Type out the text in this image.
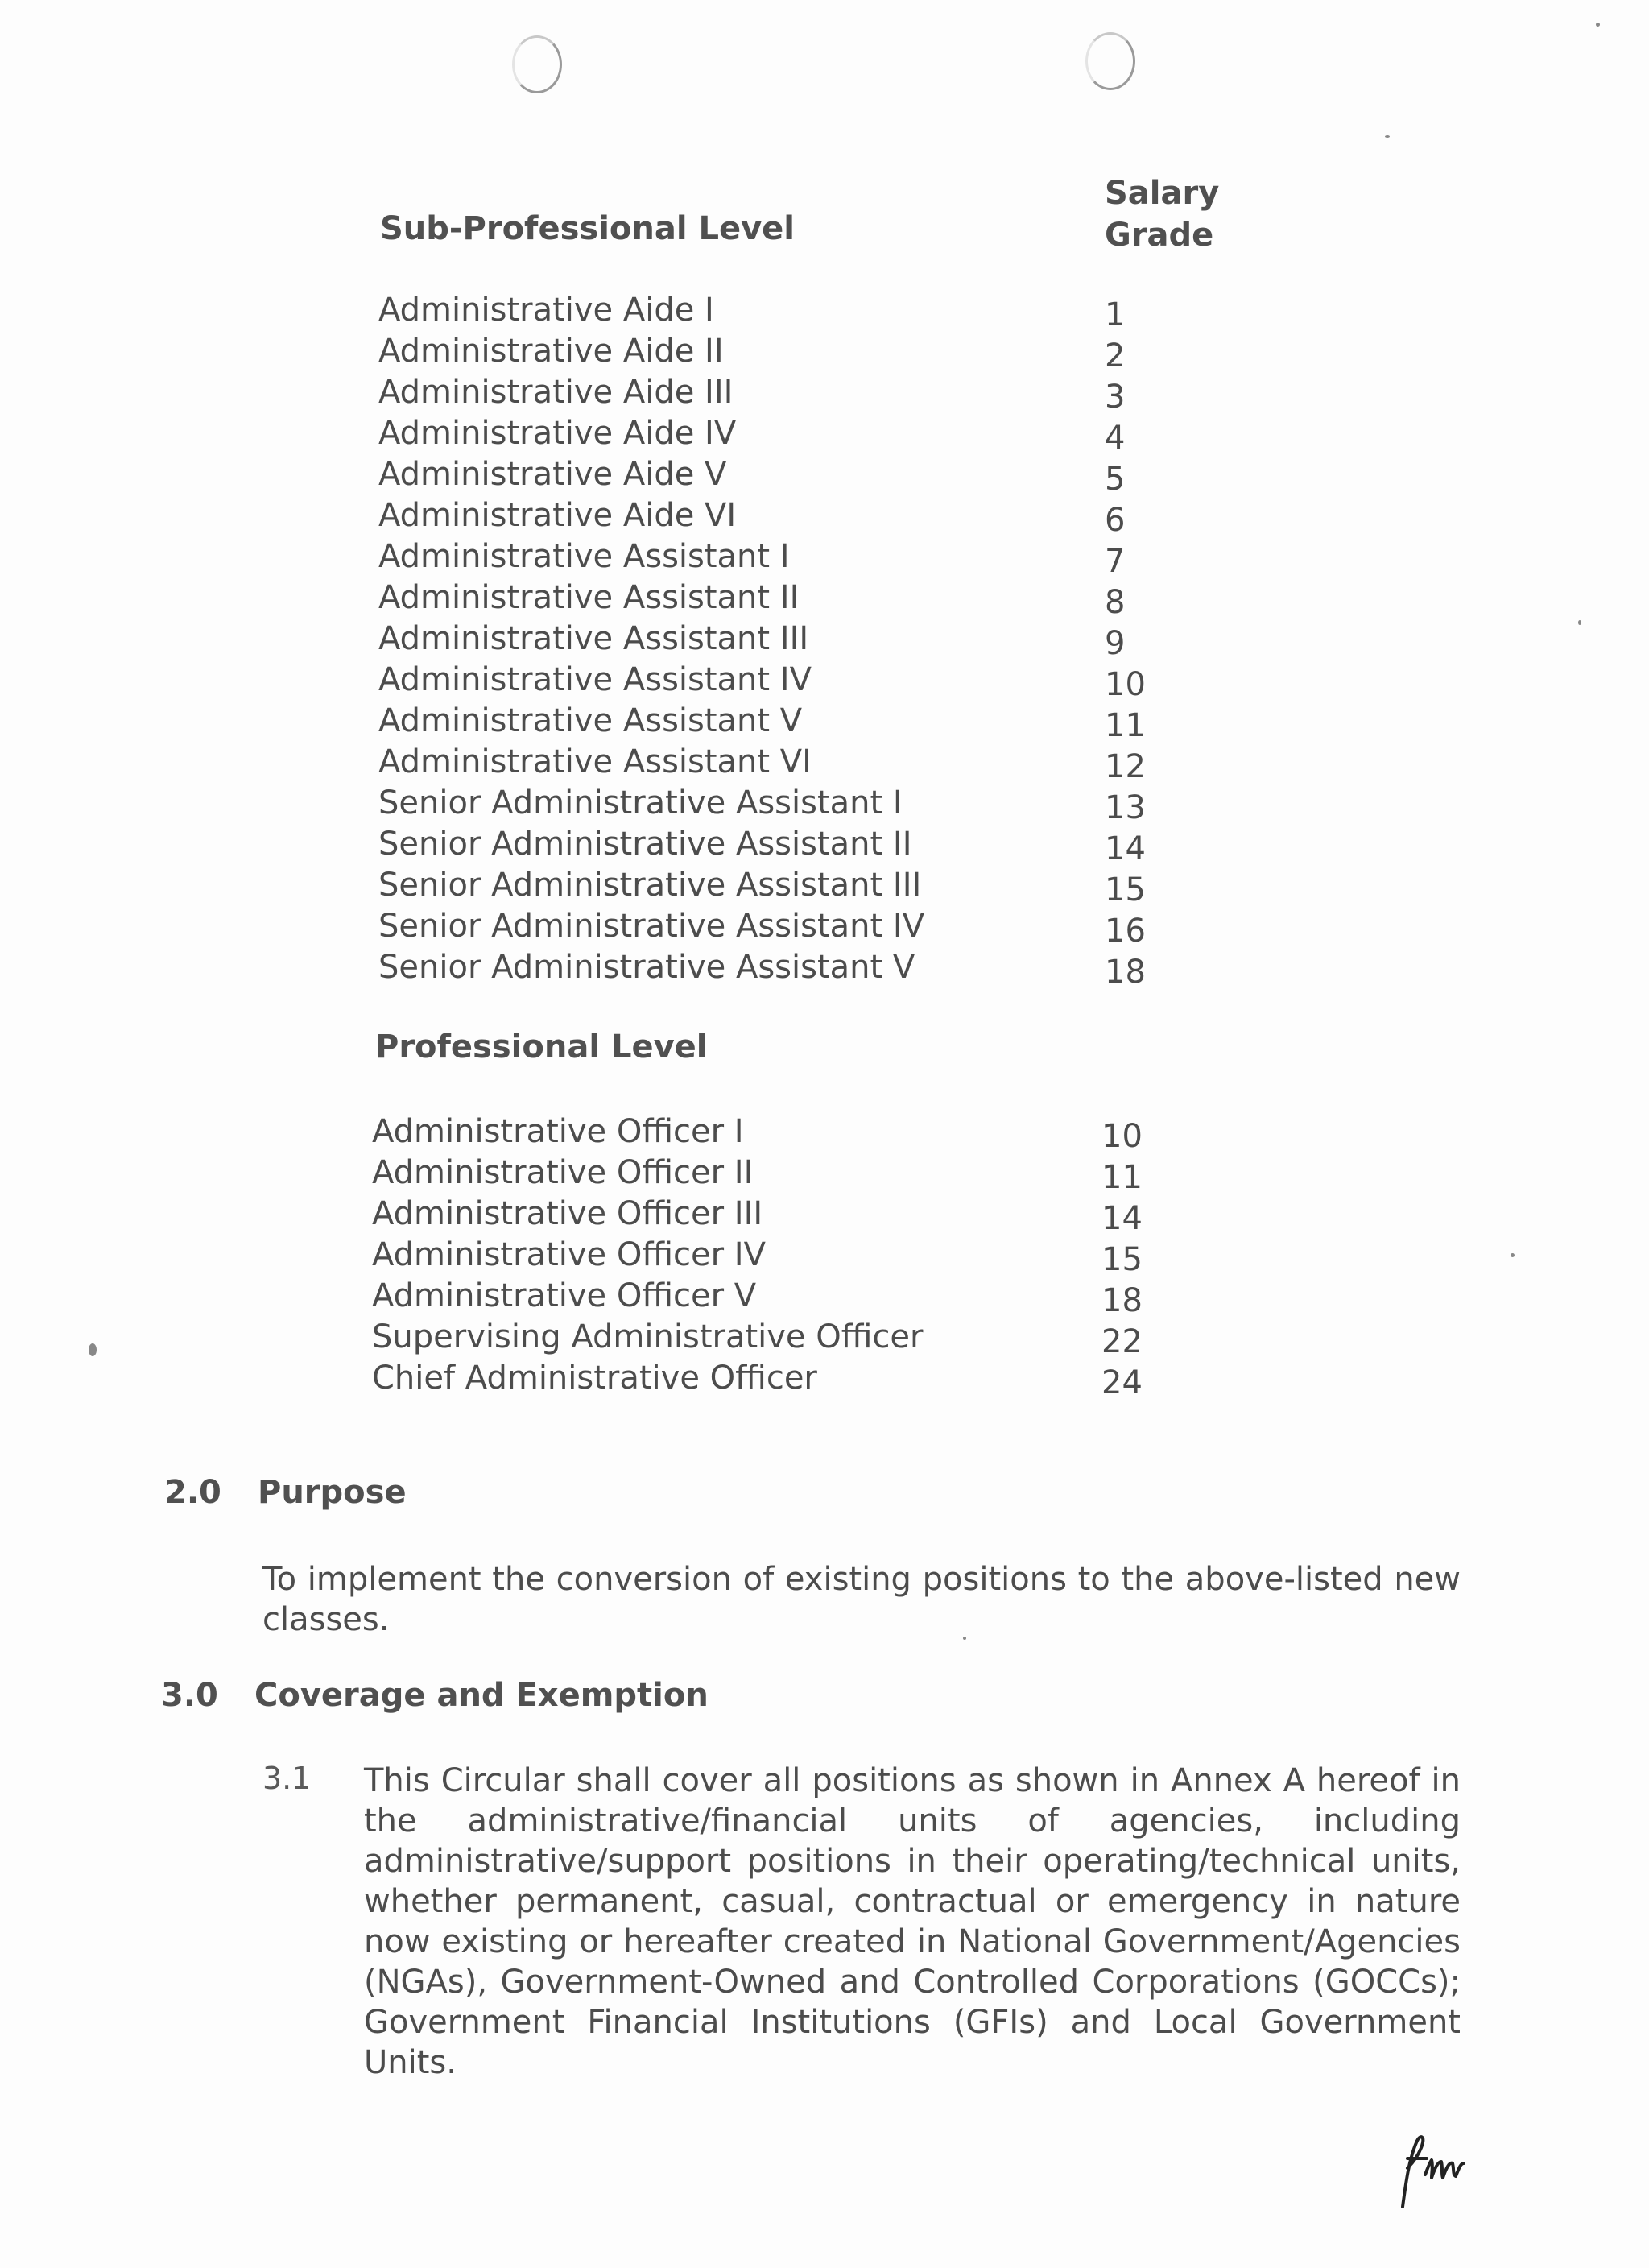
Sub-Professional Level
Salary
Grade
Administrative Aide I	1
Administrative Aide II	2
Administrative Aide III	3
Administrative Aide IV	4
Administrative Aide V	5
Administrative Aide VI	6
Administrative Assistant I	7
Administrative Assistant II	8
Administrative Assistant III	9
Administrative Assistant IV	10
Administrative Assistant V	11
Administrative Assistant VI	12
Senior Administrative Assistant I	13
Senior Administrative Assistant II	14
Senior Administrative Assistant III	15
Senior Administrative Assistant IV	16
Senior Administrative Assistant V	18
Professional Level
Administrative Officer I	10
Administrative Officer II	11
Administrative Officer III	14
Administrative Officer IV	15
Administrative Officer V	18
Supervising Administrative Officer	22
Chief Administrative Officer	24
2.0 Purpose
To implement the conversion of existing positions to the above-listed new classes.
3.0 Coverage and Exemption
3.1 This Circular shall cover all positions as shown in Annex A hereof in the administrative/financial units of agencies, including administrative/support positions in their operating/technical units, whether permanent, casual, contractual or emergency in nature now existing or hereafter created in National Government/Agencies (NGAs), Government-Owned and Controlled Corporations (GOCCs); Government Financial Institutions (GFIs) and Local Government Units.
